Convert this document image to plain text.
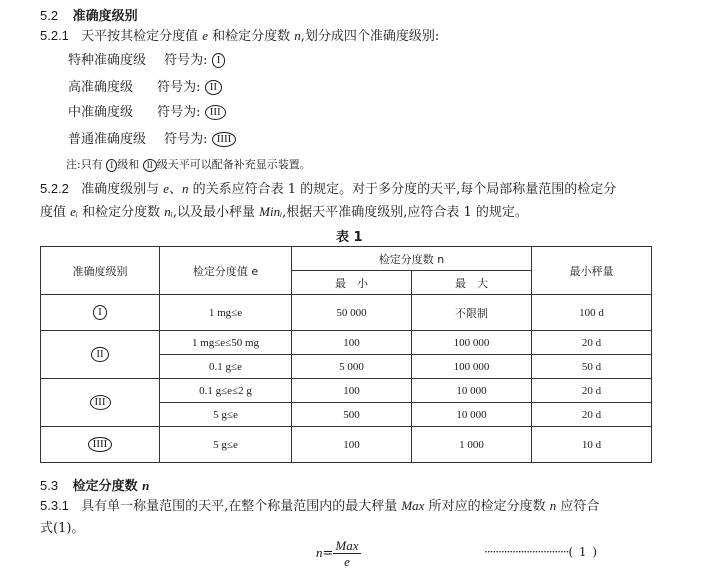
5.2 准确度级别
5.2.1 天平按其检定分度值 e 和检定分度数 n,划分成四个准确度级别:
特种准确度级 符号为: I
高准确度级 符号为: II
中准确度级 符号为: III
普通准确度级 符号为: IIII
注:只有 I 级和 II 级天平可以配备补充显示装置。
5.2.2 准确度级别与 e、n 的关系应符合表 1 的规定。对于多分度的天平,每个局部称量范围的检定分
度值 eᵢ 和检定分度数 nᵢ,以及最小秤量 Minᵢ,根据天平准确度级别,应符合表 1 的规定。
表 1
准确度级别	检定分度值 e	检定分度数 n		最小秤量
		最　小	最　大	
I	1 mg≤e	50 000	不限制	100 d
II	1 mg≤e≤50 mg	100	100 000	20 d
	0.1 g≤e	5 000	100 000	50 d
III	0.1 g≤e≤2 g	100	10 000	20 d
	5 g≤e	500	10 000	20 d
IIII	5 g≤e	100	1 000	10 d
5.3 检定分度数 n
5.3.1 具有单一称量范围的天平,在整个称量范围内的最大秤量 Max 所对应的检定分度数 n 应符合
式(1)。
$n= \frac{\text{Max}}{e}$	······························( 1 )
